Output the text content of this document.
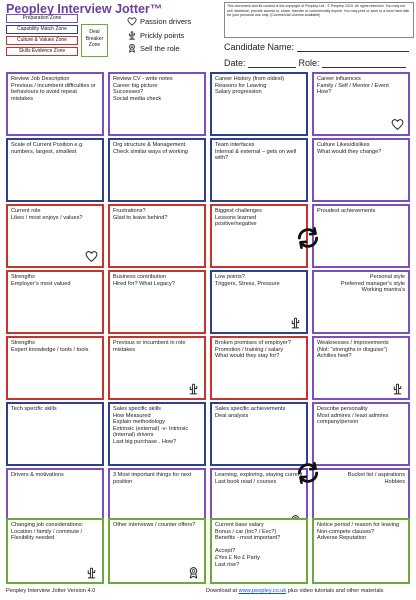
Peopley Interview Jotter™	This document and its content is the copyright of Peopley Ltd - © Peopley 2019. All rights reserved. You may not sell, distribute, provide access to, share, transfer or commercially exploit. You may print or save to a local hard disk for your personal use only. (Commercial License Available)
Preparation Zone
Capability Match Zone
Culture & Values Zone
Skills Evidence Zone
Deal Breaker Zone
Passion drivers
Prickly points
Sell the role	Candidate Name:
Date:	Role:
Review Job Description
Previous / incumbent difficulties or behaviours to avoid repeat mistakes
Review CV - write notes
Career big picture
Successes?
Social media check
Career History (from oldest)
Reasons for Leaving
Salary progression
Career influences
Family / Self / Mentor / Event
How?
Scale of Current Position e.g. numbers, largest, smallest
Org structure & Management.
Check similar ways of working
Team interfaces
Internal & external – gets on well with?
Culture Likes/dislikes
What would they change?
Current role
Likes / most enjoys / values?
Frustrations?
Glad to leave behind?
Biggest challenges
Lessons learned
positive/negative
Proudest achievements
Strengths
Employer’s most valued
Business contribution
Hired for? What Legacy?
Low points?
Triggers, Stress, Pressure
Personal style
Preferred manager’s style
Working mantra’s
Strengths
Expert knowledge / tools / tools
Previous or incumbent in role mistakes
Broken promises of employer?
Promotion / training / salary
What would they stay for?
Weaknesses / improvements
(Not: “strengths in disguise”)
Achilles heel?
Tech specific skills	Sales specific skills
How Measured
Explain methodology
Extrinsic (external) -v- Intrinsic (internal) drivers
Last big purchase . How?
Sales specific achievements
Deal analysis
Describe personality
Most admires / least admires company/person
Drivers & motivations	3 Most important things for next position
Learning, exploring, staying current
Last book read / courses
Bucket list / aspirations
Hobbies
Changing job considerations:
Location / family / commute / Flexibility needed
Other interviews / counter offers?	Current base salary
Bonus / car (Inc? / Exc?)
Benefits - most important?

Accept?
£Yes £ No £ Party
Last rise?
Notice period / reason for leaving
Non-compete clauses?
Adverse Reputation
Peopley Interview Jotter Version 4.0	Download at www.peopley.co.uk plus video tutorials and other materials
